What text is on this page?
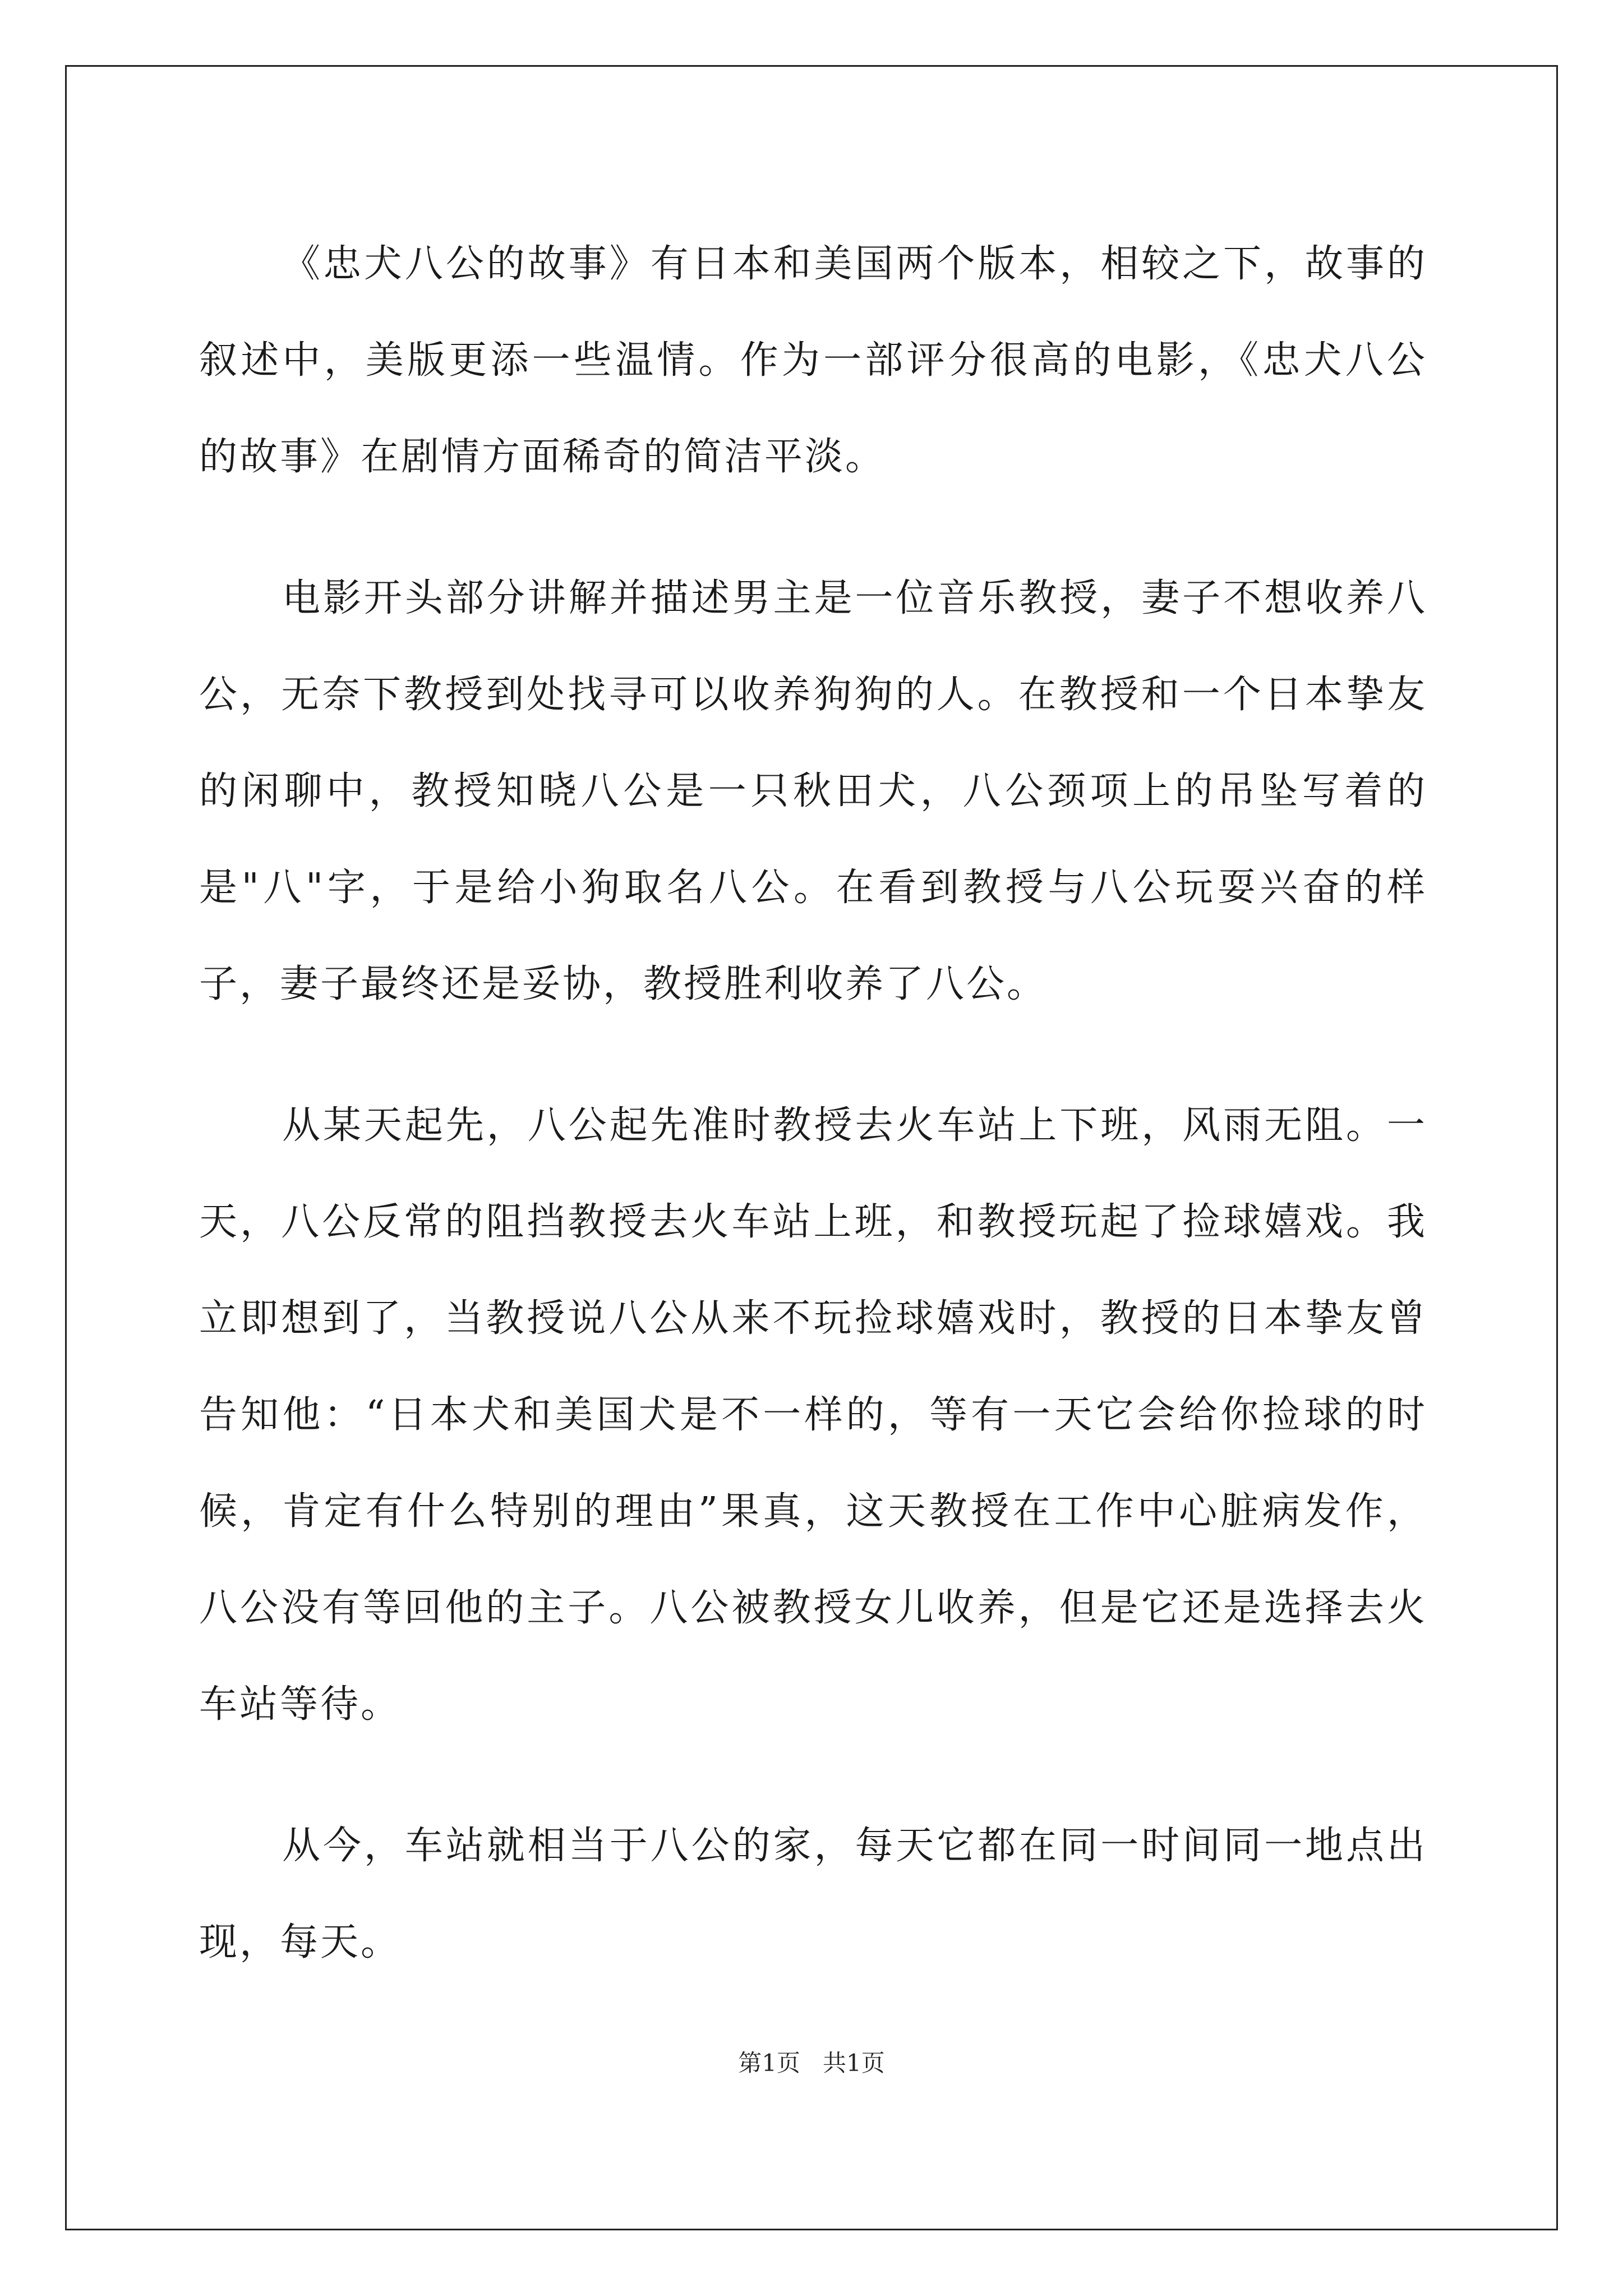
《忠犬八公的故事》有日本和美国两个版本，相较之下，故事的叙述中，美版更添一些温情。作为一部评分很高的电影，《忠犬八公的故事》在剧情方面稀奇的简洁平淡。

电影开头部分讲解并描述男主是一位音乐教授，妻子不想收养八公，无奈下教授到处找寻可以收养狗狗的人。在教授和一个日本挚友的闲聊中，教授知晓八公是一只秋田犬，八公颈项上的吊坠写着的是"八"字，于是给小狗取名八公。在看到教授与八公玩耍兴奋的样子，妻子最终还是妥协，教授胜利收养了八公。

从某天起先，八公起先准时教授去火车站上下班，风雨无阻。一天，八公反常的阻挡教授去火车站上班，和教授玩起了捡球嬉戏。我立即想到了，当教授说八公从来不玩捡球嬉戏时，教授的日本挚友曾告知他：“日本犬和美国犬是不一样的，等有一天它会给你捡球的时候，肯定有什么特别的理由”果真，这天教授在工作中心脏病发作，八公没有等回他的主子。八公被教授女儿收养，但是它还是选择去火车站等待。

从今，车站就相当于八公的家，每天它都在同一时间同一地点出现，每天。

第1页 共1页
